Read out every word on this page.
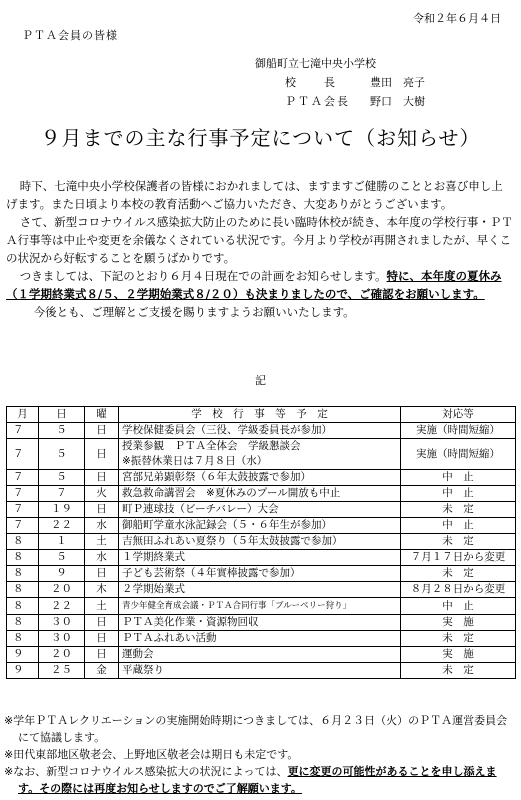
令和２年６月４日
ＰＴＡ会員の皆様
御船町立七滝中央小学校
校　　長	豊田　亮子
ＰＴＡ会長	野口　大樹
９月までの主な行事予定について（お知らせ）

時下、七滝中央小学校保護者の皆様におかれましては、ますますご健勝のこととお喜び申し上げます。また日頃より本校の教育活動へご協力いただき、大変ありがとうございます。

さて、新型コロナウイルス感染拡大防止のために長い臨時休校が続き、本年度の学校行事・ＰＴＡ行事等は中止や変更を余儀なくされている状況です。今月より学校が再開されましたが、早くこの状況から好転することを願うばかりです。

つきましては、下記のとおり６月４日現在での計画をお知らせします。特に、本年度の夏休み（１学期終業式８/５、２学期始業式８/２０）も決まりましたので、ご確認をお願いします。

今後とも、ご理解とご支援を賜りますようお願いいたします。

記
月	日	曜	学　校　行　事　等　予　定	対応等
７	５	日	学校保健委員会（三役、学級委員長が参加）	実施（時間短縮）
７	５	日	授業参観　ＰＴＡ全体会　学級懇談会
※振替休業日は７月８日（水）	実施（時間短縮）
７	５	日	宮部兄弟顕彰祭（６年太鼓披露で参加）	中　止
７	７	火	救急救命講習会　※夏休みのプール開放も中止	中　止
７	１９	日	町Ｐ連球技（ビーチバレー）大会	未　定
７	２２	水	御船町学童水泳記録会（５・６年生が参加）	中　止
８	１	土	吉無田ふれあい夏祭り（５年太鼓披露で参加）	未　定
８	５	水	１学期終業式	７月１７日から変更
８	９	日	子ども芸術祭（４年實棒披露で参加）	未　定
８	２０	木	２学期始業式	８月２８日から変更
８	２２	土	青少年健全育成会議・ＰＴＡ合同行事「ブルーベリー狩り」	中　止
８	３０	日	ＰＴＡ美化作業・資源物回収	実　施
８	３０	日	ＰＴＡふれあい活動	未　定
９	２０	日	運動会	実　施
９	２５	金	平蔵祭り	未　定

※学年ＰＴＡレクリエーションの実施開始時期につきましては、６月２３日（火）のＰＴＡ運営委員会にて協議します。

※田代東部地区敬老会、上野地区敬老会は期日も未定です。

※なお、新型コロナウイルス感染拡大の状況によっては、更に変更の可能性があることを申し添えます。その際には再度お知らせしますのでご了解願います。
